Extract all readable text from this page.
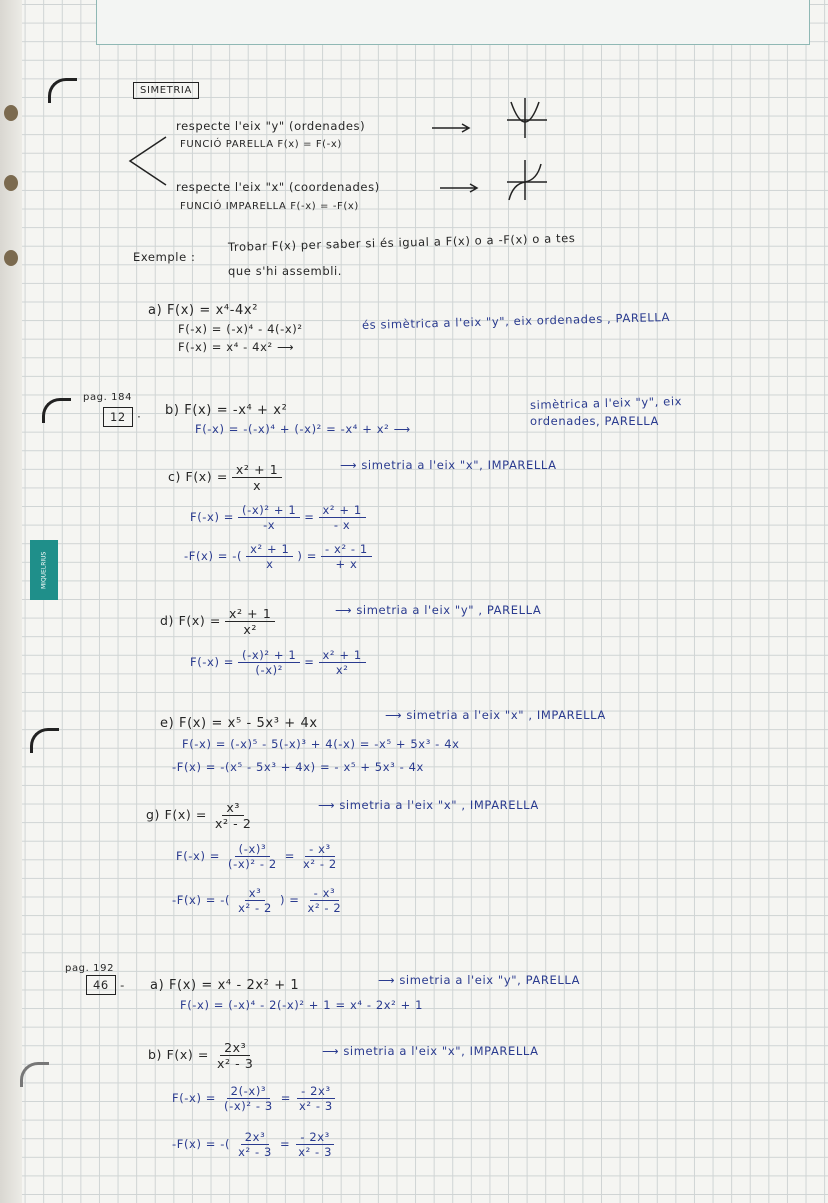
MIQUELRIUS
SIMETRIA
respecte l'eix "y" (ordenades)
FUNCIÓ PARELLA F(x) = F(-x)
respecte l'eix "x" (coordenades)
FUNCIÓ IMPARELLA F(-x) = -F(x)
Exemple :
Trobar F(x) per saber si és igual a F(x) o a -F(x) o a tes
que s'hi assembli.
a) F(x) = x⁴-4x²
F(-x) = (-x)⁴ - 4(-x)²
F(-x) = x⁴ - 4x² ⟶
és simètrica a l'eix "y", eix ordenades , PARELLA
pag. 184
12 · b) F(x) = -x⁴ + x²
F(-x) = -(-x)⁴ + (-x)² = -x⁴ + x² ⟶
simètrica a l'eix "y", eix
ordenades, PARELLA
c) $F(x) = \frac{\text{x² + 1}}{x}$	⟶ simetria a l'eix "x", IMPARELLA
$F(-x) = \frac{\text{(-x)² + 1}}{-x} = \frac{\text{x² + 1}}{- x}$
-F(x) = -( $\frac{\text{x² + 1}}{x}$ ) = $\frac{\text{- x² - 1}}{+ x}$
d) $F(x) = \frac{\text{x² + 1}}{\text{x²}}$	⟶ simetria a l'eix "y" , PARELLA
$F(-x) = \frac{\text{(-x)² + 1}}{\text{(-x)²}} = \frac{\text{x² + 1}}{\text{x²}}$
e) F(x) = x⁵ - 5x³ + 4x
⟶ simetria a l'eix "x" , IMPARELLA
F(-x) = (-x)⁵ - 5(-x)³ + 4(-x) = -x⁵ + 5x³ - 4x
-F(x) = -(x⁵ - 5x³ + 4x) = - x⁵ + 5x³ - 4x
g) $F(x) = \frac{\text{x³}}{\text{x² - 2}}$	⟶ simetria a l'eix "x" , IMPARELLA
$F(-x) = \frac{\text{(-x)³}}{\text{(-x)² - 2}} = \frac{\text{- x³}}{\text{x² - 2}}$
-F(x) = -( $\frac{\text{x³}}{\text{x² - 2}}$ ) = $\frac{\text{- x³}}{\text{x² - 2}}$
pag. 192
46 - a) F(x) = x⁴ - 2x² + 1	⟶ simetria a l'eix "y", PARELLA
F(-x) = (-x)⁴ - 2(-x)² + 1 = x⁴ - 2x² + 1
b) $F(x) = \frac{\text{2x³}}{\text{x² - 3}}$	⟶ simetria a l'eix "x", IMPARELLA
$F(-x) = \frac{\text{2(-x)³}}{\text{(-x)² - 3}} = \frac{\text{- 2x³}}{\text{x² - 3}}$
-F(x) = -( $\frac{\text{2x³}}{\text{x² - 3}} = \frac{\text{- 2x³}}{\text{x² - 3}}$
